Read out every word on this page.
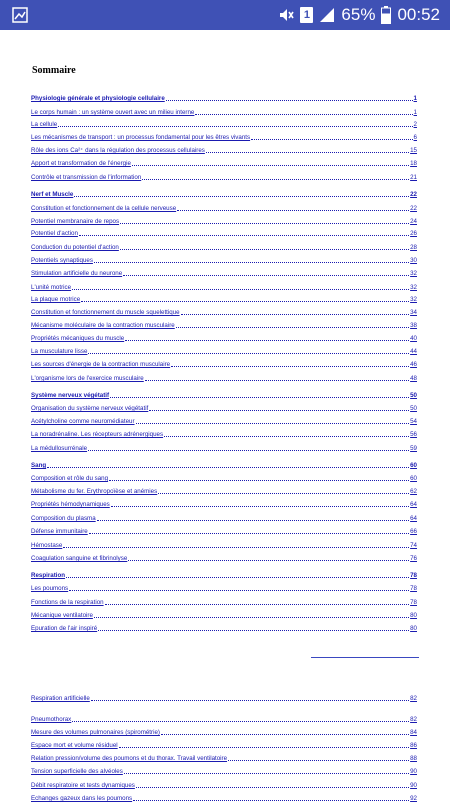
1 65% 00:52
Sommaire
Physiologie générale et physiologie cellulaire	1
Le corps humain : un système ouvert avec un milieu interne	1
La cellule	2
Les mécanismes de transport : un processus fondamental pour les êtres vivants	6
Rôle des ions Ca²⁺ dans la régulation des processus cellulaires	15
Apport et transformation de l'énergie	18
Contrôle et transmission de l'information	21
Nerf et Muscle	22
Constitution et fonctionnement de la cellule nerveuse	22
Potentiel membranaire de repos	24
Potentiel d'action	26
Conduction du potentiel d'action	28
Potentiels synaptiques	30
Stimulation artificielle du neurone	32
L'unité motrice	32
La plaque motrice	32
Constitution et fonctionnement du muscle squelettique	34
Mécanisme moléculaire de la contraction musculaire	38
Propriétés mécaniques du muscle	40
La musculature lisse	44
Les sources d'énergie de la contraction musculaire	46
L'organisme lors de l'exercice musculaire	48
Système nerveux végétatif	50
Organisation du système nerveux végétatif	50
Acétylcholine comme neuromédiateur	54
La noradrénaline. Les récepteurs adrénergiques	56
La médullosurrénale	59
Sang	60
Composition et rôle du sang	60
Métabolisme du fer. Erythropoïèse et anémies	62
Propriétés hémodynamiques	64
Composition du plasma	64
Défense immunitaire	66
Hémostase	74
Coagulation sanguine et fibrinolyse	76
Respiration	78
Les poumons	78
Fonctions de la respiration	78
Mécanique ventilatoire	80
Epuration de l'air inspiré	80
Respiration artificielle	82
Pneumothorax	82
Mesure des volumes pulmonaires (spirométrie)	84
Espace mort et volume résiduel	86
Relation pression/volume des poumons et du thorax. Travail ventilatoire	88
Tension superficielle des alvéoles	90
Débit respiratoire et tests dynamiques	90
Echanges gazeux dans les poumons	92
